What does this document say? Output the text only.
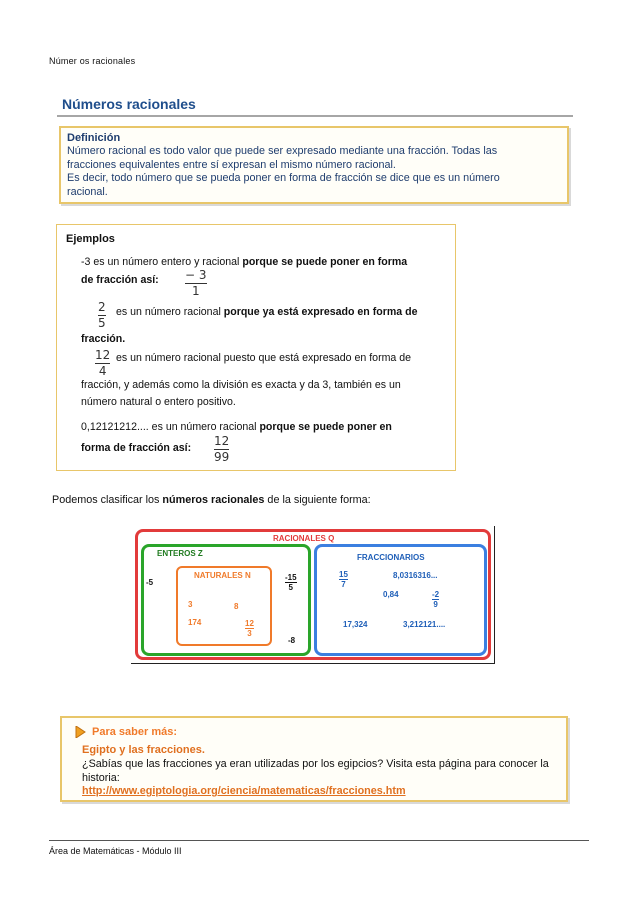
Númer os racionales
Números racionales
Definición
Número racional es todo valor que puede ser expresado mediante una fracción. Todas las
fracciones equivalentes entre sí expresan el mismo número racional.
Es decir, todo número que se pueda poner en forma de fracción se dice que es un número
racional.
Ejemplos
-3 es un número entero y racional porque se puede poner en forma
de fracción así: − 3
1
2
5
es un número racional porque ya está expresado en forma de
fracción.
12
4
es un número racional puesto que está expresado en forma de
fracción, y además como la división es exacta y da 3, también es un
número natural o entero positivo.
0,12121212.... es un número racional porque se puede poner en
forma de fracción así: 12
99
Podemos clasificar los números racionales de la siguiente forma:
RACIONALES Q
ENTEROS Z
NATURALES N
FRACCIONARIOS
-5
-15
5
-8
3	8
174	12
3
15
7
8,0316316...
0,84	-2
9
17,324	3,212121....
Para saber más:
Egipto y las fracciones.
¿Sabías que las fracciones ya eran utilizadas por los egipcios? Visita esta página para conocer la historia:
http://www.egiptologia.org/ciencia/matematicas/fracciones.htm
Área de Matemáticas - Módulo III
